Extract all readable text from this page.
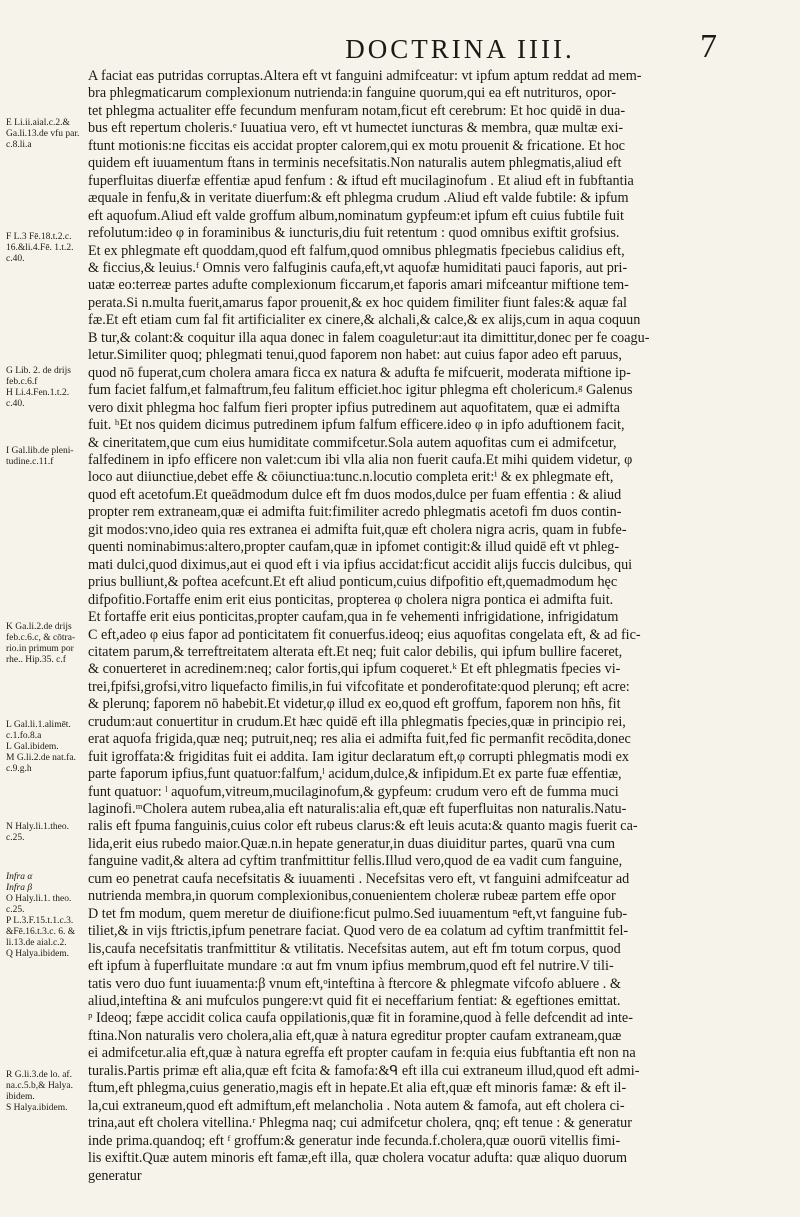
DOCTRINA IIII.	7
E Li.ii.aial.c.2.&
Ga.li.13.de vfu par.
c.8.li.a
F L.3 Fē.18.t.2.c.
16.&li.4.Fē. 1.t.2.
c.40.
G Lib. 2. de drijs
feb.c.6.f
H Li.4.Fen.1.t.2.
c.40.
I Gal.lib.de pleni-
tudine.c.11.f
K Ga.li.2.de drijs
feb.c.6.c, & cōtra-
rio.in primum por
rhe.. Hip.35. c.f
L Gal.li.1.alimēt.
c.1.fo.8.a
L Gal.ibidem.
M G.li.2.de nat.fa.
c.9.g.h
N Haly.li.1.theo.
c.25.
Infra α
Infra β
O Haly.li.1. theo.
c.25.
P L.3.F.15.t.1.c.3.
&Fē.16.t.3.c. 6. &
li.13.de aial.c.2.
Q Halya.ibidem.
R G.li.3.de lo. af.
na.c.5.b,& Halya.
ibidem.
S Halya.ibidem.
A faciat eas putridas corruptas.Altera eft vt fanguini admifceatur: vt ipfum aptum reddat ad mem-
bra phlegmaticarum complexionum nutrienda:in fanguine quorum,qui ea eft nutrituros, opor-
tet phlegma actualiter effe fecundum menfuram notam,ficut eft cerebrum: Et hoc quidē in dua-
bus eft repertum choleris.ᵉ Iuuatiua vero, eft vt humectet iuncturas & membra, quæ multæ exi-
ftunt motionis:ne ficcitas eis accidat propter calorem,qui ex motu prouenit & fricatione. Et hoc
quidem eft iuuamentum ftans in terminis necefsitatis.Non naturalis autem phlegmatis,aliud eft
fuperfluitas diuerfæ effentiæ apud fenfum : & iftud eft mucilaginofum . Et aliud eft in fubftantia
æquale in fenfu,& in veritate diuerfum:& eft phlegma crudum .Aliud eft valde fubtile: & ipfum
eft aquofum.Aliud eft valde groffum album,nominatum gypfeum:et ipfum eft cuius fubtile fuit
refolutum:ideo φ in foraminibus & iuncturis,diu fuit retentum : quod omnibus exiftit grofsius.
Et ex phlegmate eft quoddam,quod eft falfum,quod omnibus phlegmatis fpeciebus calidius eft,
& ficcius,& leuius.ᶠ Omnis vero falfuginis caufa,eft,vt aquofæ humiditati pauci faporis, aut pri-
uatæ eo:terreæ partes adufte complexionum ficcarum,et faporis amari mifceantur miftione tem-
perata.Si n.multa fuerit,amarus fapor prouenit,& ex hoc quidem fimiliter fiunt fales:& aquæ fal
fæ.Et eft etiam cum fal fit artificialiter ex cinere,& alchali,& calce,& ex alijs,cum in aqua coquun
B tur,& colant:& coquitur illa aqua donec in falem coaguletur:aut ita dimittitur,donec per fe coagu-
letur.Similiter quoq; phlegmati tenui,quod faporem non habet: aut cuius fapor adeo eft paruus,
quod nō fuperat,cum cholera amara ficca ex natura & adufta fe mifcuerit, moderata miftione ip-
fum faciet falfum,et falmaftrum,feu falitum efficiet.hoc igitur phlegma eft cholericum.ᵍ Galenus
vero dixit phlegma hoc falfum fieri propter ipfius putredinem aut aquofitatem, quæ ei admifta
fuit. ʰEt nos quidem dicimus putredinem ipfum falfum efficere.ideo φ in ipfo aduftionem facit,
& cineritatem,que cum eius humiditate commifcetur.Sola autem aquofitas cum ei admifcetur,
falfedinem in ipfo efficere non valet:cum ibi vlla alia non fuerit caufa.Et mihi quidem videtur, φ
loco aut diiunctiue,debet effe & cōiunctiua:tunc.n.locutio completa erit:ⁱ & ex phlegmate eft,
quod eft acetofum.Et queādmodum dulce eft fm duos modos,dulce per fuam effentia : & aliud
propter rem extraneam,quæ ei admifta fuit:fimiliter acredo phlegmatis acetofi fm duos contin-
git modos:vno,ideo quia res extranea ei admifta fuit,quæ eft cholera nigra acris, quam in fubfe-
quenti nominabimus:altero,propter caufam,quæ in ipfomet contigit:& illud quidē eft vt phleg-
mati dulci,quod diximus,aut ei quod eft i via ipfius accidat:ficut accidit alijs fuccis dulcibus, qui
prius bulliunt,& poftea acefcunt.Et eft aliud ponticum,cuius difpofitio eft,quemadmodum hęc
difpofitio.Fortaffe enim erit eius ponticitas, propterea φ cholera nigra pontica ei admifta fuit.
Et fortaffe erit eius ponticitas,propter caufam,qua in fe vehementi infrigidatione, infrigidatum
C eft,adeo φ eius fapor ad ponticitatem fit conuerfus.ideoq; eius aquofitas congelata eft, & ad fic-
citatem parum,& terreftreitatem alterata eft.Et neq; fuit calor debilis, qui ipfum bullire faceret,
& conuerteret in acredinem:neq; calor fortis,qui ipfum coqueret.ᵏ Et eft phlegmatis fpecies vi-
trei,fpifsi,grofsi,vitro liquefacto fimilis,in fui vifcofitate et ponderofitate:quod plerunq; eft acre:
& plerunq; faporem nō habebit.Et videtur,φ illud ex eo,quod eft groffum, faporem non hñs, fit
crudum:aut conuertitur in crudum.Et hæc quidē eft illa phlegmatis fpecies,quæ in principio rei,
erat aquofa frigida,quæ neq; putruit,neq; res alia ei admifta fuit,fed fic permanfit recōdita,donec
fuit igroffata:& frigiditas fuit ei addita. Iam igitur declaratum eft,φ corrupti phlegmatis modi ex
parte faporum ipfius,funt quatuor:falfum,ˡ acidum,dulce,& infipidum.Et ex parte fuæ effentiæ,
funt quatuor: ˡ aquofum,vitreum,mucilaginofum,& gypfeum: crudum vero eft de fumma muci
laginofi.ᵐCholera autem rubea,alia eft naturalis:alia eft,quæ eft fuperfluitas non naturalis.Natu-
ralis eft fpuma fanguinis,cuius color eft rubeus clarus:& eft leuis acuta:& quanto magis fuerit ca-
lida,erit eius rubedo maior.Quæ.n.in hepate generatur,in duas diuiditur partes, quarū vna cum
fanguine vadit,& altera ad cyftim tranfmittitur fellis.Illud vero,quod de ea vadit cum fanguine,
cum eo penetrat caufa necefsitatis & iuuamenti . Necefsitas vero eft, vt fanguini admifceatur ad
nutrienda membra,in quorum complexionibus,conuenientem choleræ rubeæ partem effe opor
D tet fm modum, quem meretur de diuifione:ficut pulmo.Sed iuuamentum ⁿeft,vt fanguine fub-
tiliet,& in vijs ftrictis,ipfum penetrare faciat. Quod vero de ea colatum ad cyftim tranfmittit fel-
lis,caufa necefsitatis tranfmittitur & vtilitatis. Necefsitas autem, aut eft fm totum corpus, quod
eft ipfum à fuperfluitate mundare :α aut fm vnum ipfius membrum,quod eft fel nutrire.V tili-
tatis vero duo funt iuuamenta:β vnum eft,ᵒinteftina à ftercore & phlegmate vifcofo abluere . &
aliud,inteftina & ani mufculos pungere:vt quid fit ei neceffarium fentiat: & egeftiones emittat.
ᵖ Ideoq; fæpe accidit colica caufa oppilationis,quæ fit in foramine,quod à felle defcendit ad inte-
ftina.Non naturalis vero cholera,alia eft,quæ à natura egreditur propter caufam extraneam,quæ
ei admifcetur.alia eft,quæ à natura egreffa eft propter caufam in fe:quia eius fubftantia eft non na
turalis.Partis primæ eft alia,quæ eft fcita & famofa:&ᑫ eft illa cui extraneum illud,quod eft admi-
ftum,eft phlegma,cuius generatio,magis eft in hepate.Et alia eft,quæ eft minoris famæ: & eft il-
la,cui extraneum,quod eft admiftum,eft melancholia . Nota autem & famofa, aut eft cholera ci-
trina,aut eft cholera vitellina.ʳ Phlegma naq; cui admifcetur cholera, qnq; eft tenue : & generatur
inde prima.quandoq; eft ᶠ groffum:& generatur inde fecunda.f.cholera,quæ ouorū vitellis fimi-
lis exiftit.Quæ autem minoris eft famæ,eft illa, quæ cholera vocatur adufta: quæ aliquo duorum
generatur
